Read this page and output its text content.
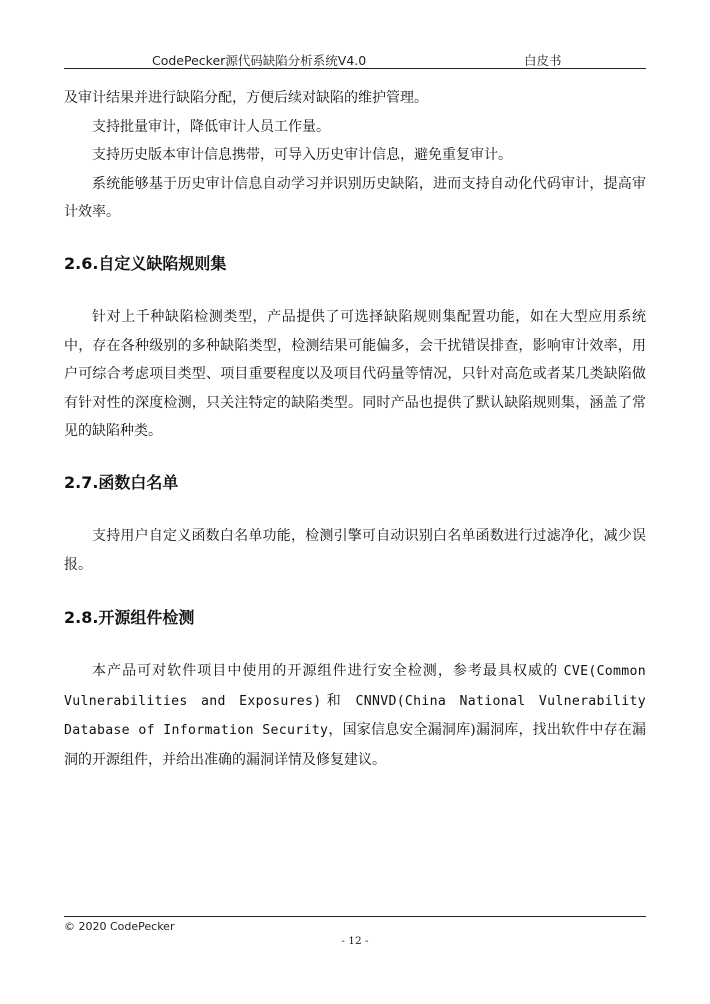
CodePecker源代码缺陷分析系统V4.0	白皮书

及审计结果并进行缺陷分配，方便后续对缺陷的维护管理。

支持批量审计，降低审计人员工作量。

支持历史版本审计信息携带，可导入历史审计信息，避免重复审计。

系统能够基于历史审计信息自动学习并识别历史缺陷，进而支持自动化代码审计，提高审计效率。

2.6.自定义缺陷规则集

针对上千种缺陷检测类型，产品提供了可选择缺陷规则集配置功能，如在大型应用系统中，存在各种级别的多种缺陷类型，检测结果可能偏多，会干扰错误排查，影响审计效率，用户可综合考虑项目类型、项目重要程度以及项目代码量等情况，只针对高危或者某几类缺陷做有针对性的深度检测，只关注特定的缺陷类型。同时产品也提供了默认缺陷规则集，涵盖了常见的缺陷种类。

2.7.函数白名单

支持用户自定义函数白名单功能，检测引擎可自动识别白名单函数进行过滤净化，减少误报。

2.8.开源组件检测

本产品可对软件项目中使用的开源组件进行安全检测，参考最具权威的 CVE(Common Vulnerabilities and Exposures)和 CNNVD(China National Vulnerability Database of Information Security，国家信息安全漏洞库)漏洞库，找出软件中存在漏洞的开源组件，并给出准确的漏洞详情及修复建议。

© 2020 CodePecker
- 12 -
